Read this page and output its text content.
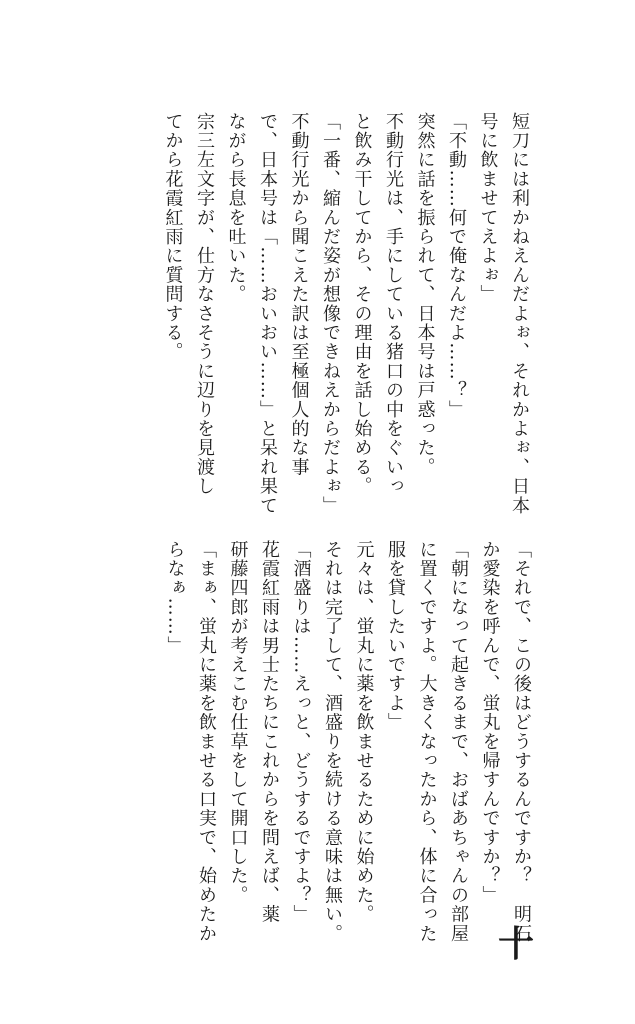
短刀には利かねえんだよぉ、それかよぉ、日本
号に飲ませてえよぉ」
「不動……何で俺なんだよ……？」
突然に話を振られて、日本号は戸惑った。
不動行光は、手にしている猪口の中をぐいっ
と飲み干してから、その理由を話し始める。
「一番、縮んだ姿が想像できねえからだよぉ」
不動行光から聞こえた訳は至極個人的な事
で、日本号は「……おいおい……」と呆れ果て
ながら長息を吐いた。
宗三左文字が、仕方なさそうに辺りを見渡し
てから花霞紅雨に質問する。
「それで、この後はどうするんですか？　明石
か愛染を呼んで、蛍丸を帰すんですか？」
「朝になって起きるまで、おばあちゃんの部屋
に置くですよ。大きくなったから、体に合った
服を貸したいですよ」
元々は、蛍丸に薬を飲ませるために始めた。
それは完了して、酒盛りを続ける意味は無い。
「酒盛りは……えっと、どうするですよ？」
花霞紅雨は男士たちにこれからを問えば、薬
研藤四郎が考えこむ仕草をして開口した。
「まぁ、蛍丸に薬を飲ませる口実で、始めたか
らなぁ……」
十
